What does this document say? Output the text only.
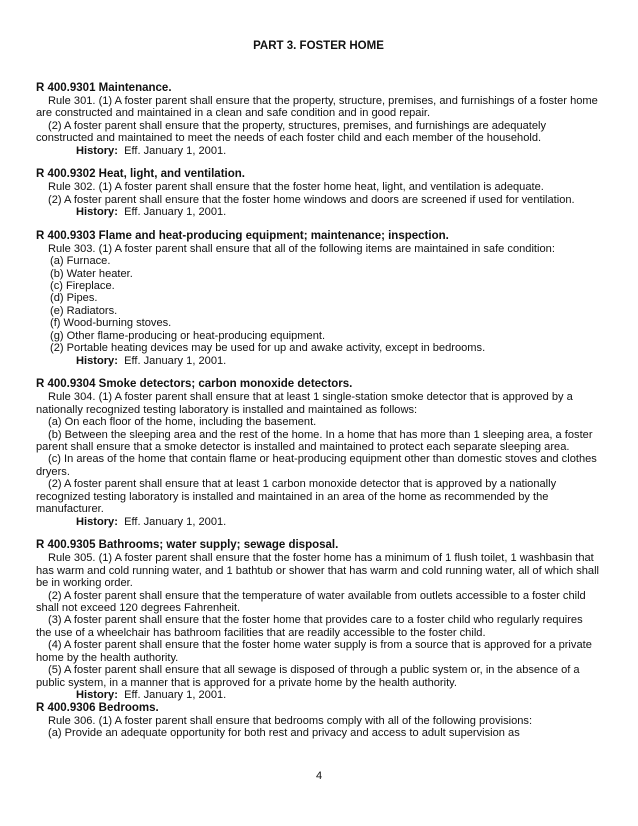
PART 3. FOSTER HOME

R 400.9301 Maintenance.

Rule 301. (1) A foster parent shall ensure that the property, structure, premises, and furnishings of a foster home are constructed and maintained in a clean and safe condition and in good repair.

(2) A foster parent shall ensure that the property, structures, premises, and furnishings are adequately constructed and maintained to meet the needs of each foster child and each member of the household.

History: Eff. January 1, 2001.

R 400.9302 Heat, light, and ventilation.

Rule 302. (1) A foster parent shall ensure that the foster home heat, light, and ventilation is adequate.

(2) A foster parent shall ensure that the foster home windows and doors are screened if used for ventilation.

History: Eff. January 1, 2001.

R 400.9303 Flame and heat-producing equipment; maintenance; inspection.

Rule 303. (1) A foster parent shall ensure that all of the following items are maintained in safe condition:

(a) Furnace.

(b) Water heater.

(c) Fireplace.

(d) Pipes.

(e) Radiators.

(f) Wood-burning stoves.

(g) Other flame-producing or heat-producing equipment.

(2) Portable heating devices may be used for up and awake activity, except in bedrooms.

History: Eff. January 1, 2001.

R 400.9304 Smoke detectors; carbon monoxide detectors.

Rule 304. (1) A foster parent shall ensure that at least 1 single-station smoke detector that is approved by a nationally recognized testing laboratory is installed and maintained as follows:

(a) On each floor of the home, including the basement.

(b) Between the sleeping area and the rest of the home. In a home that has more than 1 sleeping area, a foster parent shall ensure that a smoke detector is installed and maintained to protect each separate sleeping area.

(c) In areas of the home that contain flame or heat-producing equipment other than domestic stoves and clothes dryers.

(2) A foster parent shall ensure that at least 1 carbon monoxide detector that is approved by a nationally recognized testing laboratory is installed and maintained in an area of the home as recommended by the manufacturer.

History: Eff. January 1, 2001.

R 400.9305 Bathrooms; water supply; sewage disposal.

Rule 305. (1) A foster parent shall ensure that the foster home has a minimum of 1 flush toilet, 1 washbasin that has warm and cold running water, and 1 bathtub or shower that has warm and cold running water, all of which shall be in working order.

(2) A foster parent shall ensure that the temperature of water available from outlets accessible to a foster child shall not exceed 120 degrees Fahrenheit.

(3) A foster parent shall ensure that the foster home that provides care to a foster child who regularly requires the use of a wheelchair has bathroom facilities that are readily accessible to the foster child.

(4) A foster parent shall ensure that the foster home water supply is from a source that is approved for a private home by the health authority.

(5) A foster parent shall ensure that all sewage is disposed of through a public system or, in the absence of a public system, in a manner that is approved for a private home by the health authority.

History: Eff. January 1, 2001.

R 400.9306 Bedrooms.

Rule 306. (1) A foster parent shall ensure that bedrooms comply with all of the following provisions:

(a) Provide an adequate opportunity for both rest and privacy and access to adult supervision as

4
